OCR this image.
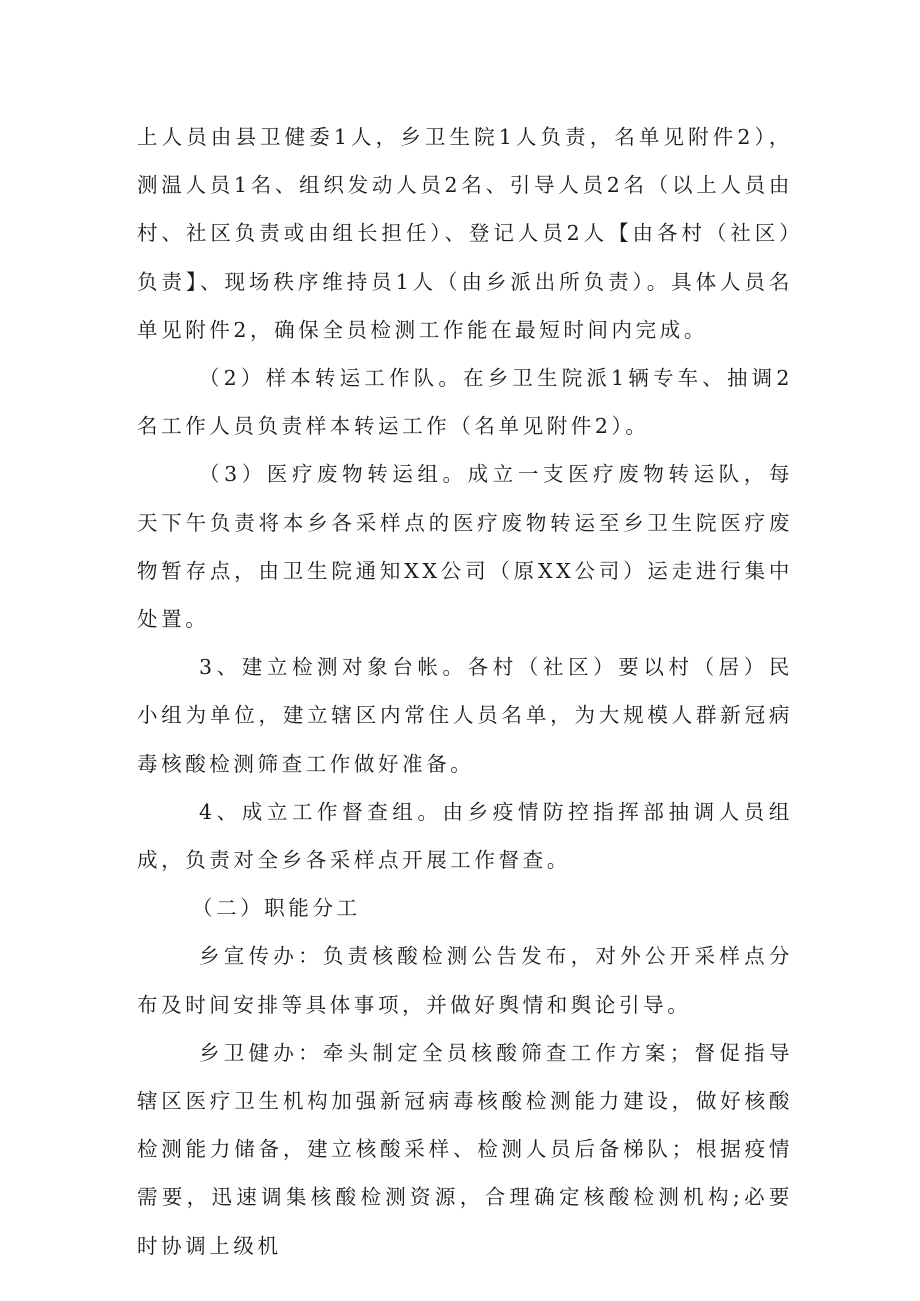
上人员由县卫健委1人，乡卫生院1人负责，名单见附件2），测温人员1名、组织发动人员2名、引导人员2名（以上人员由村、社区负责或由组长担任）、登记人员2人【由各村（社区）负责】、现场秩序维持员1人（由乡派出所负责）。具体人员名单见附件2，确保全员检测工作能在最短时间内完成。

（2）样本转运工作队。在乡卫生院派1辆专车、抽调2名工作人员负责样本转运工作（名单见附件2）。

（3）医疗废物转运组。成立一支医疗废物转运队，每天下午负责将本乡各采样点的医疗废物转运至乡卫生院医疗废物暂存点，由卫生院通知XX公司（原XX公司）运走进行集中处置。

3、建立检测对象台帐。各村（社区）要以村（居）民小组为单位，建立辖区内常住人员名单，为大规模人群新冠病毒核酸检测筛查工作做好准备。

4、成立工作督查组。由乡疫情防控指挥部抽调人员组成，负责对全乡各采样点开展工作督查。

（二）职能分工

乡宣传办：负责核酸检测公告发布，对外公开采样点分布及时间安排等具体事项，并做好舆情和舆论引导。

乡卫健办：牵头制定全员核酸筛查工作方案；督促指导辖区医疗卫生机构加强新冠病毒核酸检测能力建设，做好核酸检测能力储备，建立核酸采样、检测人员后备梯队；根据疫情需要，迅速调集核酸检测资源，合理确定核酸检测机构;必要时协调上级机
